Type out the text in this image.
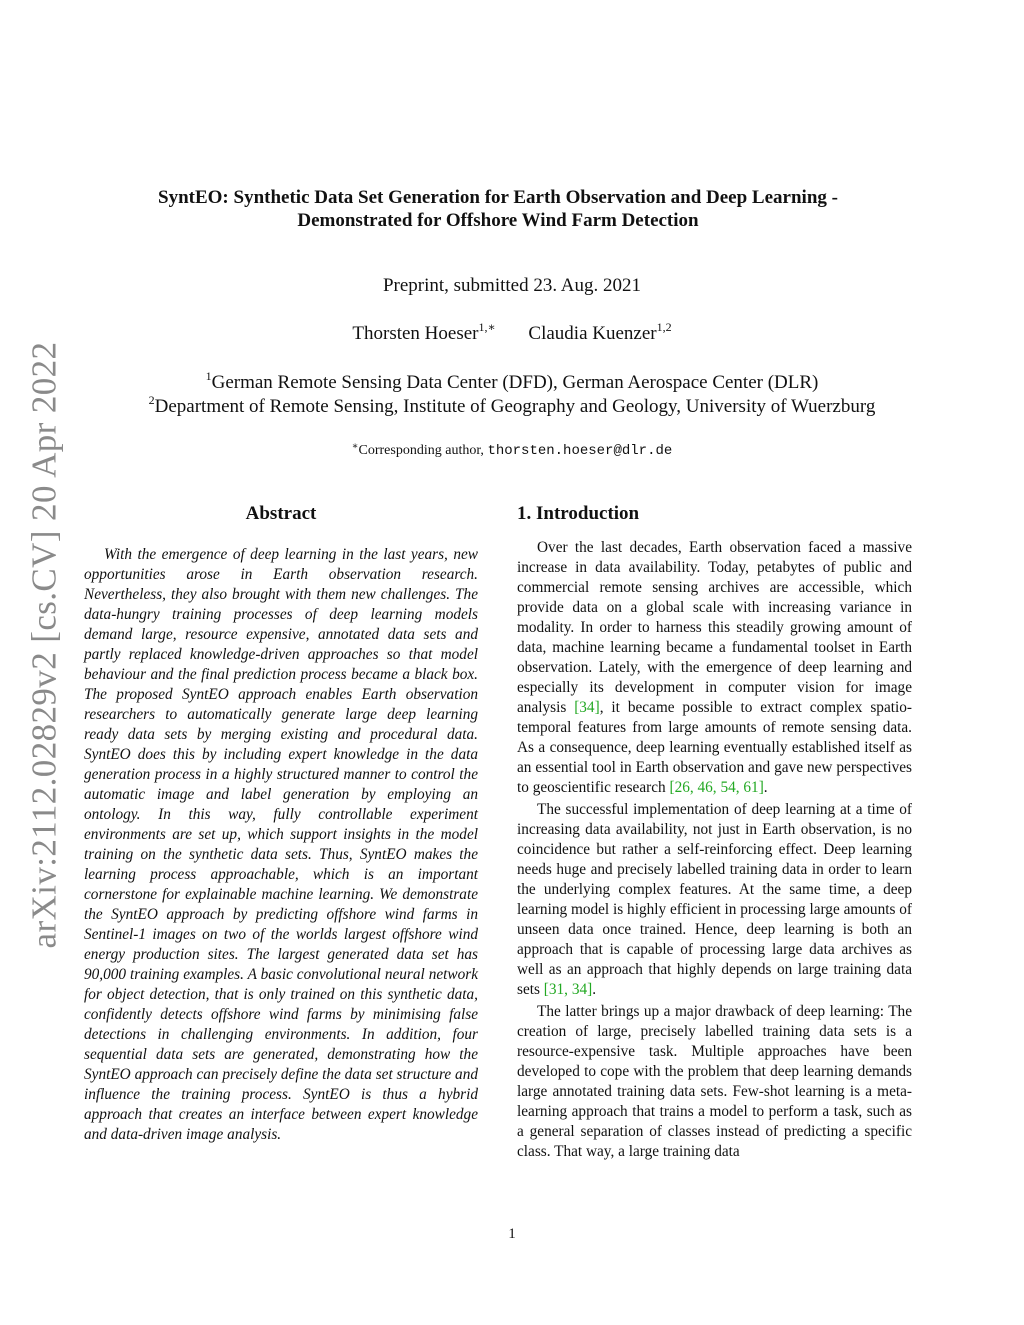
arXiv:2112.02829v2 [cs.CV] 20 Apr 2022
SyntEO: Synthetic Data Set Generation for Earth Observation and Deep Learning -
Demonstrated for Offshore Wind Farm Detection
Preprint, submitted 23. Aug. 2021
Thorsten Hoeser$^{1,∗}$ Claudia Kuenzer$^{1,2}$
$^1$German Remote Sensing Data Center (DFD), German Aerospace Center (DLR)
$^2$Department of Remote Sensing, Institute of Geography and Geology, University of Wuerzburg
∗Corresponding author, thorsten.hoeser@dlr.de
Abstract

With the emergence of deep learning in the last years, new opportunities arose in Earth observation research. Nevertheless, they also brought with them new challenges. The data-hungry training processes of deep learning models demand large, resource expensive, annotated data sets and partly replaced knowledge-driven approaches so that model behaviour and the final prediction process became a black box. The proposed SyntEO approach enables Earth observation researchers to automatically generate large deep learning ready data sets by merging existing and procedural data. SyntEO does this by including expert knowledge in the data generation process in a highly structured manner to control the automatic image and label generation by employing an ontology. In this way, fully controllable experiment environments are set up, which support insights in the model training on the synthetic data sets. Thus, SyntEO makes the learning process approachable, which is an important cornerstone for explainable machine learning. We demonstrate the SyntEO approach by predicting offshore wind farms in Sentinel-1 images on two of the worlds largest offshore wind energy production sites. The largest generated data set has 90,000 training examples. A basic convolutional neural network for object detection, that is only trained on this synthetic data, confidently detects offshore wind farms by minimising false detections in challenging environments. In addition, four sequential data sets are generated, demonstrating how the SyntEO approach can precisely define the data set structure and influence the training process. SyntEO is thus a hybrid approach that creates an interface between expert knowledge and data-driven image analysis.

1. Introduction

Over the last decades, Earth observation faced a massive increase in data availability. Today, petabytes of public and commercial remote sensing archives are accessible, which provide data on a global scale with increasing variance in modality. In order to harness this steadily growing amount of data, machine learning became a fundamental toolset in Earth observation. Lately, with the emergence of deep learning and especially its development in computer vision for image analysis [34], it became possible to extract complex spatio-temporal features from large amounts of remote sensing data. As a consequence, deep learning eventually established itself as an essential tool in Earth observation and gave new perspectives to geoscientific research [26, 46, 54, 61].

The successful implementation of deep learning at a time of increasing data availability, not just in Earth observation, is no coincidence but rather a self-reinforcing effect. Deep learning needs huge and precisely labelled training data in order to learn the underlying complex features. At the same time, a deep learning model is highly efficient in processing large amounts of unseen data once trained. Hence, deep learning is both an approach that is capable of processing large data archives as well as an approach that highly depends on large training data sets [31, 34].

The latter brings up a major drawback of deep learning: The creation of large, precisely labelled training data sets is a resource-expensive task. Multiple approaches have been developed to cope with the problem that deep learning demands large annotated training data sets. Few-shot learning is a meta-learning approach that trains a model to perform a task, such as a general separation of classes instead of predicting a specific class. That way, a large training data

1
